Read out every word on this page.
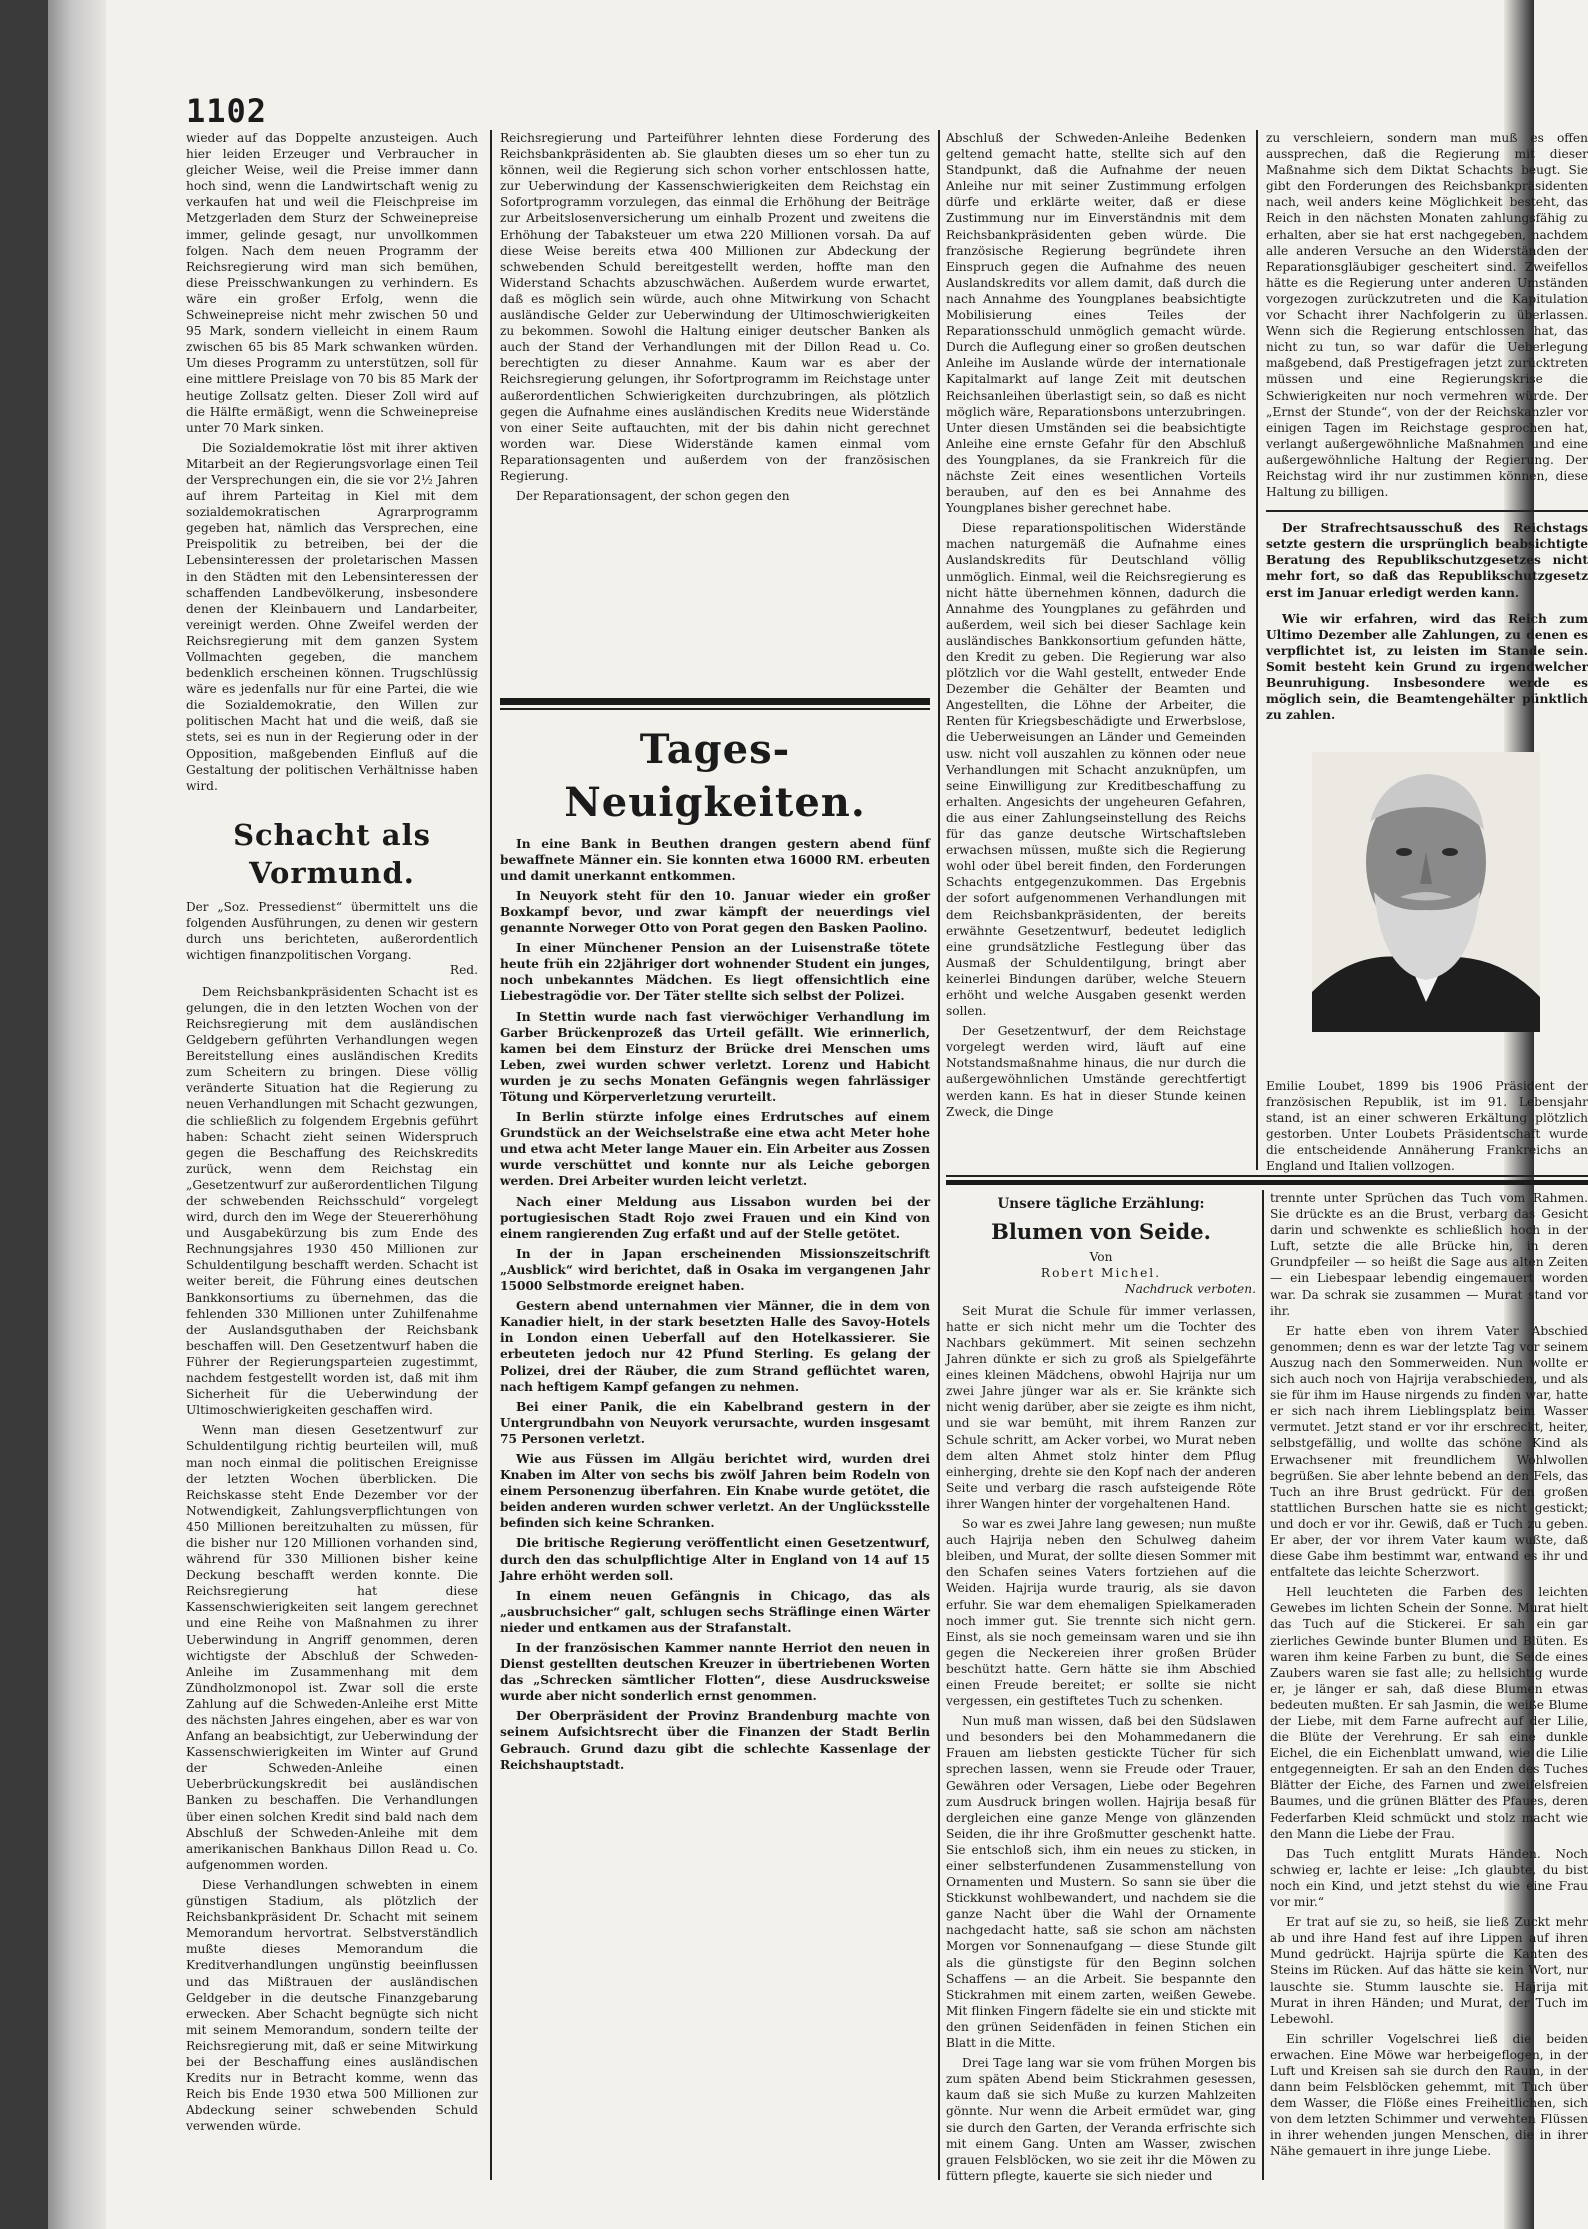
1102

wieder auf das Doppelte anzusteigen. Auch hier leiden Erzeuger und Verbraucher in gleicher Weise, weil die Preise immer dann hoch sind, wenn die Landwirtschaft wenig zu verkaufen hat und weil die Fleischpreise im Metzgerladen dem Sturz der Schweinepreise immer, gelinde gesagt, nur unvollkommen folgen. Nach dem neuen Programm der Reichsregierung wird man sich bemühen, diese Preisschwankungen zu verhindern. Es wäre ein großer Erfolg, wenn die Schweinepreise nicht mehr zwischen 50 und 95 Mark, sondern vielleicht in einem Raum zwischen 65 bis 85 Mark schwanken würden. Um dieses Programm zu unterstützen, soll für eine mittlere Preislage von 70 bis 85 Mark der heutige Zollsatz gelten. Dieser Zoll wird auf die Hälfte ermäßigt, wenn die Schweinepreise unter 70 Mark sinken.

Die Sozialdemokratie löst mit ihrer aktiven Mitarbeit an der Regierungsvorlage einen Teil der Versprechungen ein, die sie vor 2½ Jahren auf ihrem Parteitag in Kiel mit dem sozialdemokratischen Agrarprogramm gegeben hat, nämlich das Versprechen, eine Preispolitik zu betreiben, bei der die Lebensinteressen der proletarischen Massen in den Städten mit den Lebensinteressen der schaffenden Landbevölkerung, insbesondere denen der Kleinbauern und Landarbeiter, vereinigt werden. Ohne Zweifel werden der Reichsregierung mit dem ganzen System Vollmachten gegeben, die manchem bedenklich erscheinen können. Trugschlüssig wäre es jedenfalls nur für eine Partei, die wie die Sozialdemokratie, den Willen zur politischen Macht hat und die weiß, daß sie stets, sei es nun in der Regierung oder in der Opposition, maßgebenden Einfluß auf die Gestaltung der politischen Verhältnisse haben wird.

Schacht als Vormund.

Der „Soz. Pressedienst“ übermittelt uns die folgenden Ausführungen, zu denen wir gestern durch uns berichteten, außerordentlich wichtigen finanzpolitischen Vorgang.

Red.

Dem Reichsbankpräsidenten Schacht ist es gelungen, die in den letzten Wochen von der Reichsregierung mit dem ausländischen Geldgebern geführten Verhandlungen wegen Bereitstellung eines ausländischen Kredits zum Scheitern zu bringen. Diese völlig veränderte Situation hat die Regierung zu neuen Verhandlungen mit Schacht gezwungen, die schließlich zu folgendem Ergebnis geführt haben: Schacht zieht seinen Widerspruch gegen die Beschaffung des Reichskredits zurück, wenn dem Reichstag ein „Gesetzentwurf zur außerordentlichen Tilgung der schwebenden Reichsschuld“ vorgelegt wird, durch den im Wege der Steuererhöhung und Ausgabekürzung bis zum Ende des Rechnungsjahres 1930 450 Millionen zur Schuldentilgung beschafft werden. Schacht ist weiter bereit, die Führung eines deutschen Bankkonsortiums zu übernehmen, das die fehlenden 330 Millionen unter Zuhilfenahme der Auslandsguthaben der Reichsbank beschaffen will. Den Gesetzentwurf haben die Führer der Regierungsparteien zugestimmt, nachdem festgestellt worden ist, daß mit ihm Sicherheit für die Ueberwindung der Ultimoschwierigkeiten geschaffen wird.

Wenn man diesen Gesetzentwurf zur Schuldentilgung richtig beurteilen will, muß man noch einmal die politischen Ereignisse der letzten Wochen überblicken. Die Reichskasse steht Ende Dezember vor der Notwendigkeit, Zahlungsverpflichtungen von 450 Millionen bereitzuhalten zu müssen, für die bisher nur 120 Millionen vorhanden sind, während für 330 Millionen bisher keine Deckung beschafft werden konnte. Die Reichsregierung hat diese Kassenschwierigkeiten seit langem gerechnet und eine Reihe von Maßnahmen zu ihrer Ueberwindung in Angriff genommen, deren wichtigste der Abschluß der Schweden-Anleihe im Zusammenhang mit dem Zündholzmonopol ist. Zwar soll die erste Zahlung auf die Schweden-Anleihe erst Mitte des nächsten Jahres eingehen, aber es war von Anfang an beabsichtigt, zur Ueberwindung der Kassenschwierigkeiten im Winter auf Grund der Schweden-Anleihe einen Ueberbrückungskredit bei ausländischen Banken zu beschaffen. Die Verhandlungen über einen solchen Kredit sind bald nach dem Abschluß der Schweden-Anleihe mit dem amerikanischen Bankhaus Dillon Read u. Co. aufgenommen worden.

Diese Verhandlungen schwebten in einem günstigen Stadium, als plötzlich der Reichsbankpräsident Dr. Schacht mit seinem Memorandum hervortrat. Selbstverständlich mußte dieses Memorandum die Kreditverhandlungen ungünstig beeinflussen und das Mißtrauen der ausländischen Geldgeber in die deutsche Finanzgebarung erwecken. Aber Schacht begnügte sich nicht mit seinem Memorandum, sondern teilte der Reichsregierung mit, daß er seine Mitwirkung bei der Beschaffung eines ausländischen Kredits nur in Betracht komme, wenn das Reich bis Ende 1930 etwa 500 Millionen zur Abdeckung seiner schwebenden Schuld verwenden würde.

Reichsregierung und Parteiführer lehnten diese Forderung des Reichsbankpräsidenten ab. Sie glaubten dieses um so eher tun zu können, weil die Regierung sich schon vorher entschlossen hatte, zur Ueberwindung der Kassenschwierigkeiten dem Reichstag ein Sofortprogramm vorzulegen, das einmal die Erhöhung der Beiträge zur Arbeitslosenversicherung um einhalb Prozent und zweitens die Erhöhung der Tabaksteuer um etwa 220 Millionen vorsah. Da auf diese Weise bereits etwa 400 Millionen zur Abdeckung der schwebenden Schuld bereitgestellt werden, hoffte man den Widerstand Schachts abzuschwächen. Außerdem wurde erwartet, daß es möglich sein würde, auch ohne Mitwirkung von Schacht ausländische Gelder zur Ueberwindung der Ultimoschwierigkeiten zu bekommen. Sowohl die Haltung einiger deutscher Banken als auch der Stand der Verhandlungen mit der Dillon Read u. Co. berechtigten zu dieser Annahme. Kaum war es aber der Reichsregierung gelungen, ihr Sofortprogramm im Reichstage unter außerordentlichen Schwierigkeiten durchzubringen, als plötzlich gegen die Aufnahme eines ausländischen Kredits neue Widerstände von einer Seite auftauchten, mit der bis dahin nicht gerechnet worden war. Diese Widerstände kamen einmal vom Reparationsagenten und außerdem von der französischen Regierung.

Der Reparationsagent, der schon gegen den

Tages-Neuigkeiten.

In eine Bank in Beuthen drangen gestern abend fünf bewaffnete Männer ein. Sie konnten etwa 16000 RM. erbeuten und damit unerkannt entkommen.

In Neuyork steht für den 10. Januar wieder ein großer Boxkampf bevor, und zwar kämpft der neuerdings viel genannte Norweger Otto von Porat gegen den Basken Paolino.

In einer Münchener Pension an der Luisenstraße tötete heute früh ein 22jähriger dort wohnender Student ein junges, noch unbekanntes Mädchen. Es liegt offensichtlich eine Liebestragödie vor. Der Täter stellte sich selbst der Polizei.

In Stettin wurde nach fast vierwöchiger Verhandlung im Garber Brückenprozeß das Urteil gefällt. Wie erinnerlich, kamen bei dem Einsturz der Brücke drei Menschen ums Leben, zwei wurden schwer verletzt. Lorenz und Habicht wurden je zu sechs Monaten Gefängnis wegen fahrlässiger Tötung und Körperverletzung verurteilt.

In Berlin stürzte infolge eines Erdrutsches auf einem Grundstück an der Weichselstraße eine etwa acht Meter hohe und etwa acht Meter lange Mauer ein. Ein Arbeiter aus Zossen wurde verschüttet und konnte nur als Leiche geborgen werden. Drei Arbeiter wurden leicht verletzt.

Nach einer Meldung aus Lissabon wurden bei der portugiesischen Stadt Rojo zwei Frauen und ein Kind von einem rangierenden Zug erfaßt und auf der Stelle getötet.

In der in Japan erscheinenden Missionszeitschrift „Ausblick“ wird berichtet, daß in Osaka im vergangenen Jahr 15000 Selbstmorde ereignet haben.

Gestern abend unternahmen vier Männer, die in dem von Kanadier hielt, in der stark besetzten Halle des Savoy-Hotels in London einen Ueberfall auf den Hotelkassierer. Sie erbeuteten jedoch nur 42 Pfund Sterling. Es gelang der Polizei, drei der Räuber, die zum Strand geflüchtet waren, nach heftigem Kampf gefangen zu nehmen.

Bei einer Panik, die ein Kabelbrand gestern in der Untergrundbahn von Neuyork verursachte, wurden insgesamt 75 Personen verletzt.

Wie aus Füssen im Allgäu berichtet wird, wurden drei Knaben im Alter von sechs bis zwölf Jahren beim Rodeln von einem Personenzug überfahren. Ein Knabe wurde getötet, die beiden anderen wurden schwer verletzt. An der Unglücksstelle befinden sich keine Schranken.

Die britische Regierung veröffentlicht einen Gesetzentwurf, durch den das schulpflichtige Alter in England von 14 auf 15 Jahre erhöht werden soll.

In einem neuen Gefängnis in Chicago, das als „ausbruchsicher“ galt, schlugen sechs Sträflinge einen Wärter nieder und entkamen aus der Strafanstalt.

In der französischen Kammer nannte Herriot den neuen in Dienst gestellten deutschen Kreuzer in übertriebenen Worten das „Schrecken sämtlicher Flotten“, diese Ausdrucksweise wurde aber nicht sonderlich ernst genommen.

Der Oberpräsident der Provinz Brandenburg machte von seinem Aufsichtsrecht über die Finanzen der Stadt Berlin Gebrauch. Grund dazu gibt die schlechte Kassenlage der Reichshauptstadt.

Abschluß der Schweden-Anleihe Bedenken geltend gemacht hatte, stellte sich auf den Standpunkt, daß die Aufnahme der neuen Anleihe nur mit seiner Zustimmung erfolgen dürfe und erklärte weiter, daß er diese Zustimmung nur im Einverständnis mit dem Reichsbankpräsidenten geben würde. Die französische Regierung begründete ihren Einspruch gegen die Aufnahme des neuen Auslandskredits vor allem damit, daß durch die nach Annahme des Youngplanes beabsichtigte Mobilisierung eines Teiles der Reparationsschuld unmöglich gemacht würde. Durch die Auflegung einer so großen deutschen Anleihe im Auslande würde der internationale Kapitalmarkt auf lange Zeit mit deutschen Reichsanleihen überlastigt sein, so daß es nicht möglich wäre, Reparationsbons unterzubringen. Unter diesen Umständen sei die beabsichtigte Anleihe eine ernste Gefahr für den Abschluß des Youngplanes, da sie Frankreich für die nächste Zeit eines wesentlichen Vorteils berauben, auf den es bei Annahme des Youngplanes bisher gerechnet habe.

Diese reparationspolitischen Widerstände machen naturgemäß die Aufnahme eines Auslandskredits für Deutschland völlig unmöglich. Einmal, weil die Reichsregierung es nicht hätte übernehmen können, dadurch die Annahme des Youngplanes zu gefährden und außerdem, weil sich bei dieser Sachlage kein ausländisches Bankkonsortium gefunden hätte, den Kredit zu geben. Die Regierung war also plötzlich vor die Wahl gestellt, entweder Ende Dezember die Gehälter der Beamten und Angestellten, die Löhne der Arbeiter, die Renten für Kriegsbeschädigte und Erwerbslose, die Ueberweisungen an Länder und Gemeinden usw. nicht voll auszahlen zu können oder neue Verhandlungen mit Schacht anzuknüpfen, um seine Einwilligung zur Kreditbeschaffung zu erhalten. Angesichts der ungeheuren Gefahren, die aus einer Zahlungseinstellung des Reichs für das ganze deutsche Wirtschaftsleben erwachsen müssen, mußte sich die Regierung wohl oder übel bereit finden, den Forderungen Schachts entgegenzukommen. Das Ergebnis der sofort aufgenommenen Verhandlungen mit dem Reichsbankpräsidenten, der bereits erwähnte Gesetzentwurf, bedeutet lediglich eine grundsätzliche Festlegung über das Ausmaß der Schuldentilgung, bringt aber keinerlei Bindungen darüber, welche Steuern erhöht und welche Ausgaben gesenkt werden sollen.

Der Gesetzentwurf, der dem Reichstage vorgelegt werden wird, läuft auf eine Notstandsmaßnahme hinaus, die nur durch die außergewöhnlichen Umstände gerechtfertigt werden kann. Es hat in dieser Stunde keinen Zweck, die Dinge

zu verschleiern, sondern man muß es offen aussprechen, daß die Regierung mit dieser Maßnahme sich dem Diktat Schachts beugt. Sie gibt den Forderungen des Reichsbankpräsidenten nach, weil anders keine Möglichkeit besteht, das Reich in den nächsten Monaten zahlungsfähig zu erhalten, aber sie hat erst nachgegeben, nachdem alle anderen Versuche an den Widerständen der Reparationsgläubiger gescheitert sind. Zweifellos hätte es die Regierung unter anderen Umständen vorgezogen zurückzutreten und die Kapitulation vor Schacht ihrer Nachfolgerin zu überlassen. Wenn sich die Regierung entschlossen hat, das nicht zu tun, so war dafür die Ueberlegung maßgebend, daß Prestigefragen jetzt zurücktreten müssen und eine Regierungskrise die Schwierigkeiten nur noch vermehren würde. Der „Ernst der Stunde“, von der der Reichskanzler vor einigen Tagen im Reichstage gesprochen hat, verlangt außergewöhnliche Maßnahmen und eine außergewöhnliche Haltung der Regierung. Der Reichstag wird ihr nur zustimmen können, diese Haltung zu billigen.

Der Strafrechtsausschuß des Reichstags setzte gestern die ursprünglich beabsichtigte Beratung des Republikschutzgesetzes nicht mehr fort, so daß das Republikschutzgesetz erst im Januar erledigt werden kann.

Wie wir erfahren, wird das Reich zum Ultimo Dezember alle Zahlungen, zu denen es verpflichtet ist, zu leisten im Stande sein. Somit besteht kein Grund zu irgendwelcher Beunruhigung. Insbesondere werde es möglich sein, die Beamtengehälter pünktlich zu zahlen.

Emilie Loubet, 1899 bis 1906 Präsident der französischen Republik, ist im 91. Lebensjahr stand, ist an einer schweren Erkältung plötzlich gestorben. Unter Loubets Präsidentschaft wurde die entscheidende Annäherung Frankreichs an England und Italien vollzogen.
Unsere tägliche Erzählung:
Blumen von Seide.
Von
Robert Michel.
Nachdruck verboten.

Seit Murat die Schule für immer verlassen, hatte er sich nicht mehr um die Tochter des Nachbars gekümmert. Mit seinen sechzehn Jahren dünkte er sich zu groß als Spielgefährte eines kleinen Mädchens, obwohl Hajrija nur um zwei Jahre jünger war als er. Sie kränkte sich nicht wenig darüber, aber sie zeigte es ihm nicht, und sie war bemüht, mit ihrem Ranzen zur Schule schritt, am Acker vorbei, wo Murat neben dem alten Ahmet stolz hinter dem Pflug einherging, drehte sie den Kopf nach der anderen Seite und verbarg die rasch aufsteigende Röte ihrer Wangen hinter der vorgehaltenen Hand.

So war es zwei Jahre lang gewesen; nun mußte auch Hajrija neben den Schulweg daheim bleiben, und Murat, der sollte diesen Sommer mit den Schafen seines Vaters fortziehen auf die Weiden. Hajrija wurde traurig, als sie davon erfuhr. Sie war dem ehemaligen Spielkameraden noch immer gut. Sie trennte sich nicht gern. Einst, als sie noch gemeinsam waren und sie ihn gegen die Neckereien ihrer großen Brüder beschützt hatte. Gern hätte sie ihm Abschied einen Freude bereitet; er sollte sie nicht vergessen, ein gestiftetes Tuch zu schenken.

Nun muß man wissen, daß bei den Südslawen und besonders bei den Mohammedanern die Frauen am liebsten gestickte Tücher für sich sprechen lassen, wenn sie Freude oder Trauer, Gewähren oder Versagen, Liebe oder Begehren zum Ausdruck bringen wollen. Hajrija besaß für dergleichen eine ganze Menge von glänzenden Seiden, die ihr ihre Großmutter geschenkt hatte. Sie entschloß sich, ihm ein neues zu sticken, in einer selbsterfundenen Zusammenstellung von Ornamenten und Mustern. So sann sie über die Stickkunst wohlbewandert, und nachdem sie die ganze Nacht über die Wahl der Ornamente nachgedacht hatte, saß sie schon am nächsten Morgen vor Sonnenaufgang — diese Stunde gilt als die günstigste für den Beginn solchen Schaffens — an die Arbeit. Sie bespannte den Stickrahmen mit einem zarten, weißen Gewebe. Mit flinken Fingern fädelte sie ein und stickte mit den grünen Seidenfäden in feinen Stichen ein Blatt in die Mitte.

Drei Tage lang war sie vom frühen Morgen bis zum späten Abend beim Stickrahmen gesessen, kaum daß sie sich Muße zu kurzen Mahlzeiten gönnte. Nur wenn die Arbeit ermüdet war, ging sie durch den Garten, der Veranda erfrischte sich mit einem Gang. Unten am Wasser, zwischen grauen Felsblöcken, wo sie zeit ihr die Möwen zu füttern pflegte, kauerte sie sich nieder und

trennte unter Sprüchen das Tuch vom Rahmen. Sie drückte es an die Brust, verbarg das Gesicht darin und schwenkte es schließlich hoch in der Luft, setzte die alle Brücke hin, in deren Grundpfeiler — so heißt die Sage aus alten Zeiten — ein Liebespaar lebendig eingemauert worden war. Da schrak sie zusammen — Murat stand vor ihr.

Er hatte eben von ihrem Vater Abschied genommen; denn es war der letzte Tag vor seinem Auszug nach den Sommerweiden. Nun wollte er sich auch noch von Hajrija verabschieden, und als sie für ihm im Hause nirgends zu finden war, hatte er sich nach ihrem Lieblingsplatz beim Wasser vermutet. Jetzt stand er vor ihr erschreckt, heiter, selbstgefällig, und wollte das schöne Kind als Erwachsener mit freundlichem Wohlwollen begrüßen. Sie aber lehnte bebend an den Fels, das Tuch an ihre Brust gedrückt. Für den großen stattlichen Burschen hatte sie es nicht gestickt; und doch er vor ihr. Gewiß, daß er Tuch zu geben. Er aber, der vor ihrem Vater kaum wußte, daß diese Gabe ihm bestimmt war, entwand es ihr und entfaltete das leichte Scherzwort.

Hell leuchteten die Farben des leichten Gewebes im lichten Schein der Sonne. Murat hielt das Tuch auf die Stickerei. Er sah ein gar zierliches Gewinde bunter Blumen und Blüten. Es waren ihm keine Farben zu bunt, die Seide eines Zaubers waren sie fast alle; zu hellsichtig wurde er, je länger er sah, daß diese Blumen etwas bedeuten mußten. Er sah Jasmin, die weiße Blume der Liebe, mit dem Farne aufrecht auf der Lilie, die Blüte der Verehrung. Er sah eine dunkle Eichel, die ein Eichenblatt umwand, wie die Lilie entgegenneigten. Er sah an den Enden des Tuches Blätter der Eiche, des Farnen und zweifelsfreien Baumes, und die grünen Blätter des Pfaues, deren Federfarben Kleid schmückt und stolz macht wie den Mann die Liebe der Frau.

Das Tuch entglitt Murats Händen. Noch schwieg er, lachte er leise: „Ich glaubte, du bist noch ein Kind, und jetzt stehst du wie eine Frau vor mir.“

Er trat auf sie zu, so heiß, sie ließ Zuckt mehr ab und ihre Hand fest auf ihre Lippen auf ihren Mund gedrückt. Hajrija spürte die Kanten des Steins im Rücken. Auf das hätte sie kein Wort, nur lauschte sie. Stumm lauschte sie. Hajrija mit Murat in ihren Händen; und Murat, der Tuch im Lebewohl.

Ein schriller Vogelschrei ließ die beiden erwachen. Eine Möwe war herbeigeflogen, in der Luft und Kreisen sah sie durch den Raum, in der dann beim Felsblöcken gehemmt, mit Tuch über dem Wasser, die Flöße eines Freiheitlichen, sich von dem letzten Schimmer und verwehten Flüssen in ihrer wehenden jungen Menschen, die in ihrer Nähe gemauert in ihre junge Liebe.
